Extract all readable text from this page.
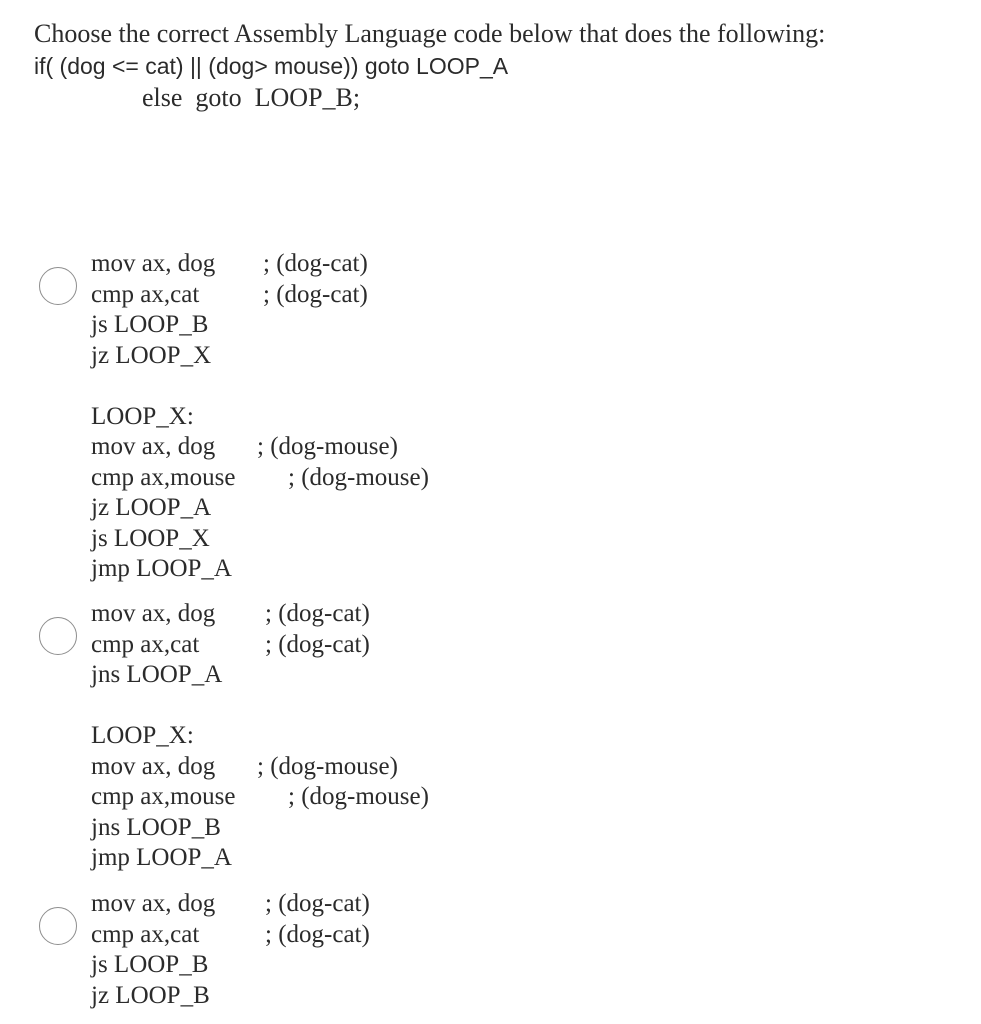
Choose the correct Assembly Language code below that does the following:
if( (dog <= cat) || (dog> mouse)) goto LOOP_A
else  goto  LOOP_B;
mov ax, dog ; (dog-cat)
cmp ax,cat	; (dog-cat)
js LOOP_B
jz LOOP_X
LOOP_X:
mov ax, dog ; (dog-mouse)
cmp ax,mouse ; (dog-mouse)
jz LOOP_A
js LOOP_X
jmp LOOP_A
mov ax, dog ; (dog-cat)
cmp ax,cat	; (dog-cat)
jns LOOP_A
LOOP_X:
mov ax, dog ; (dog-mouse)
cmp ax,mouse ; (dog-mouse)
jns LOOP_B
jmp LOOP_A
mov ax, dog ; (dog-cat)
cmp ax,cat	; (dog-cat)
js LOOP_B
jz LOOP_B
